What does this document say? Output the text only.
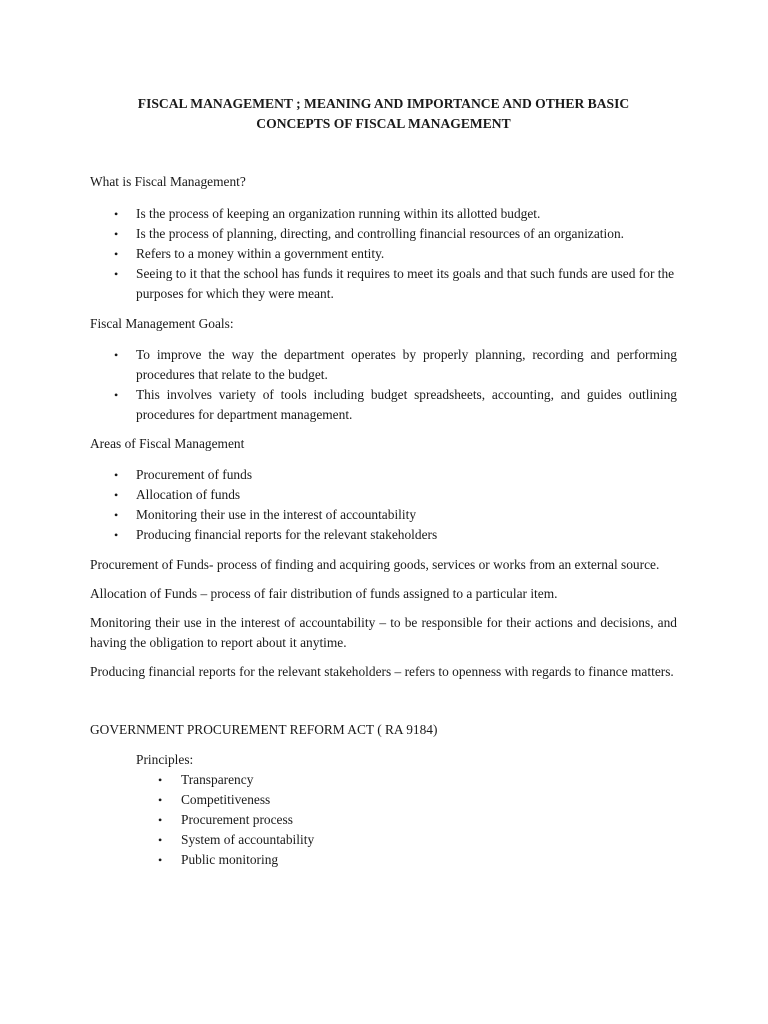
FISCAL MANAGEMENT ; MEANING AND IMPORTANCE AND OTHER BASIC
CONCEPTS OF FISCAL MANAGEMENT

What is Fiscal Management?

• Is the process of keeping an organization running within its allotted budget.
• Is the process of planning, directing, and controlling financial resources of an organization.
• Refers to a money within a government entity.
• Seeing to it that the school has funds it requires to meet its goals and that such funds are used for the purposes for which they were meant.

Fiscal Management Goals:

• To improve the way the department operates by properly planning, recording and performing procedures that relate to the budget.
• This involves variety of tools including budget spreadsheets, accounting, and guides outlining procedures for department management.

Areas of Fiscal Management

• Procurement of funds
• Allocation of funds
• Monitoring their use in the interest of accountability
• Producing financial reports for the relevant stakeholders

Procurement of Funds- process of finding and acquiring goods, services or works from an external source.

Allocation of Funds – process of fair distribution of funds assigned to a particular item.

Monitoring their use in the interest of accountability – to be responsible for their actions and decisions, and having the obligation to report about it anytime.

Producing financial reports for the relevant stakeholders – refers to openness with regards to finance matters.

GOVERNMENT PROCUREMENT REFORM ACT ( RA 9184)

Principles:

• Transparency
• Competitiveness
• Procurement process
• System of accountability
• Public monitoring
